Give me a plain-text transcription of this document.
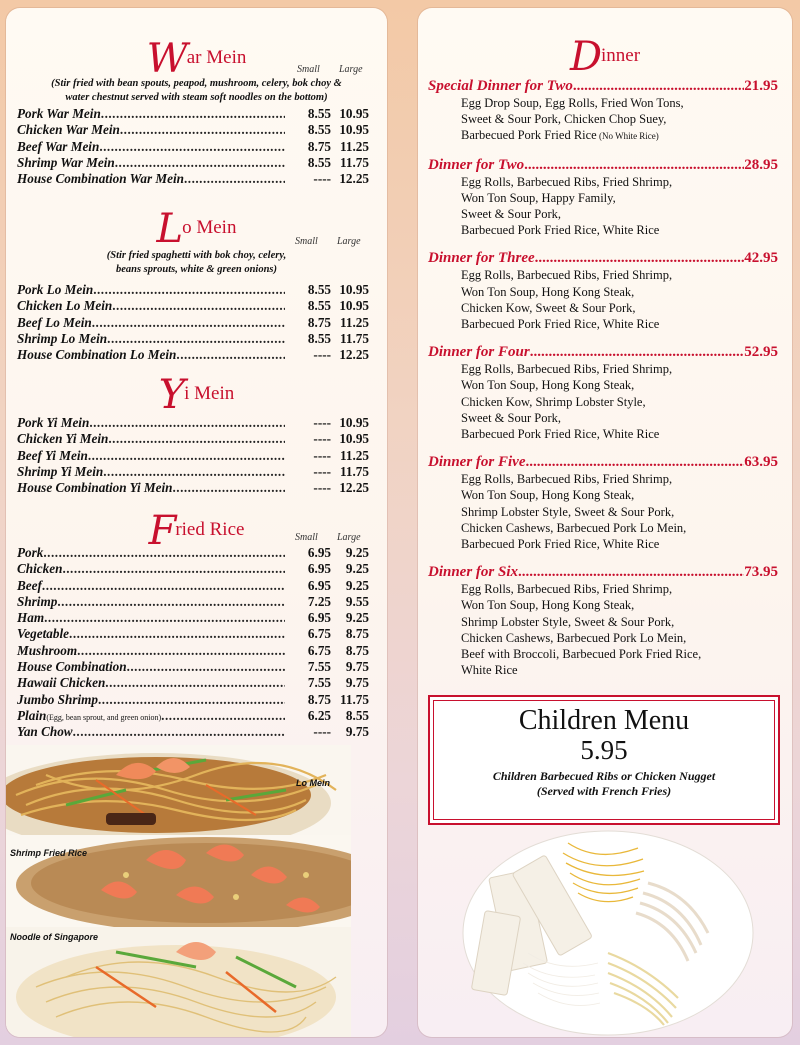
War Mein
Small Large
(Stir fried with bean spouts, peapod, mushroom, celery, bok choy &
water chestnut served with steam soft noodles on the bottom)
Pork War Mein .....	8.55 10.95
Chicken War Mein .....	8.55 10.95
Beef War Mein .....	8.75 11.25
Shrimp War Mein .....	8.55 11.75
House Combination War Mein .....	---- 12.25
Lo Mein
Small Large
(Stir fried spaghetti with bok choy, celery,
beans sprouts, white & green onions)
Pork Lo Mein .....	8.55 10.95
Chicken Lo Mein .....	8.55 10.95
Beef Lo Mein .....	8.75 11.25
Shrimp Lo Mein .....	8.55 11.75
House Combination Lo Mein .....	---- 12.25
Yi Mein
Pork Yi Mein .....	---- 10.95
Chicken Yi Mein .....	---- 10.95
Beef Yi Mein .....	---- 11.25
Shrimp Yi Mein .....	---- 11.75
House Combination Yi Mein .....	---- 12.25
Fried Rice	Small Large
Pork .....	6.95	9.25
Chicken .....	6.95	9.25
Beef .....	6.95	9.25
Shrimp .....	7.25	9.55
Ham .....	6.95	9.25
Vegetable .....	6.75	8.75
Mushroom .....	6.75	8.75
House Combination .....	7.55	9.75
Hawaii Chicken .....	7.55	9.75
Jumbo Shrimp .....	8.75 11.75
Plain (Egg, bean sprout, and green onion) .....	6.25	8.55
Yan Chow .....	----	9.75
Lo Mein
Shrimp Fried Rice
Noodle of Singapore
Dinner
Special Dinner for Two .....	21.95
Egg Drop Soup, Egg Rolls, Fried Won Tons,
Sweet & Sour Pork, Chicken Chop Suey,
Barbecued Pork Fried Rice (No White Rice)
Dinner for Two .....	28.95
Egg Rolls, Barbecued Ribs, Fried Shrimp,
Won Ton Soup, Happy Family,
Sweet & Sour Pork,
Barbecued Pork Fried Rice, White Rice
Dinner for Three .....	42.95
Egg Rolls, Barbecued Ribs, Fried Shrimp,
Won Ton Soup, Hong Kong Steak,
Chicken Kow, Sweet & Sour Pork,
Barbecued Pork Fried Rice, White Rice
Dinner for Four .....	52.95
Egg Rolls, Barbecued Ribs, Fried Shrimp,
Won Ton Soup, Hong Kong Steak,
Chicken Kow, Shrimp Lobster Style,
Sweet & Sour Pork,
Barbecued Pork Fried Rice, White Rice
Dinner for Five .....	63.95
Egg Rolls, Barbecued Ribs, Fried Shrimp,
Won Ton Soup, Hong Kong Steak,
Shrimp Lobster Style, Sweet & Sour Pork,
Chicken Cashews, Barbecued Pork Lo Mein,
Barbecued Pork Fried Rice, White Rice
Dinner for Six .....	73.95
Egg Rolls, Barbecued Ribs, Fried Shrimp,
Won Ton Soup, Hong Kong Steak,
Shrimp Lobster Style, Sweet & Sour Pork,
Chicken Cashews, Barbecued Pork Lo Mein,
Beef with Broccoli, Barbecued Pork Fried Rice,
White Rice
Children Menu
5.95
Children Barbecued Ribs or Chicken Nugget
(Served with French Fries)
